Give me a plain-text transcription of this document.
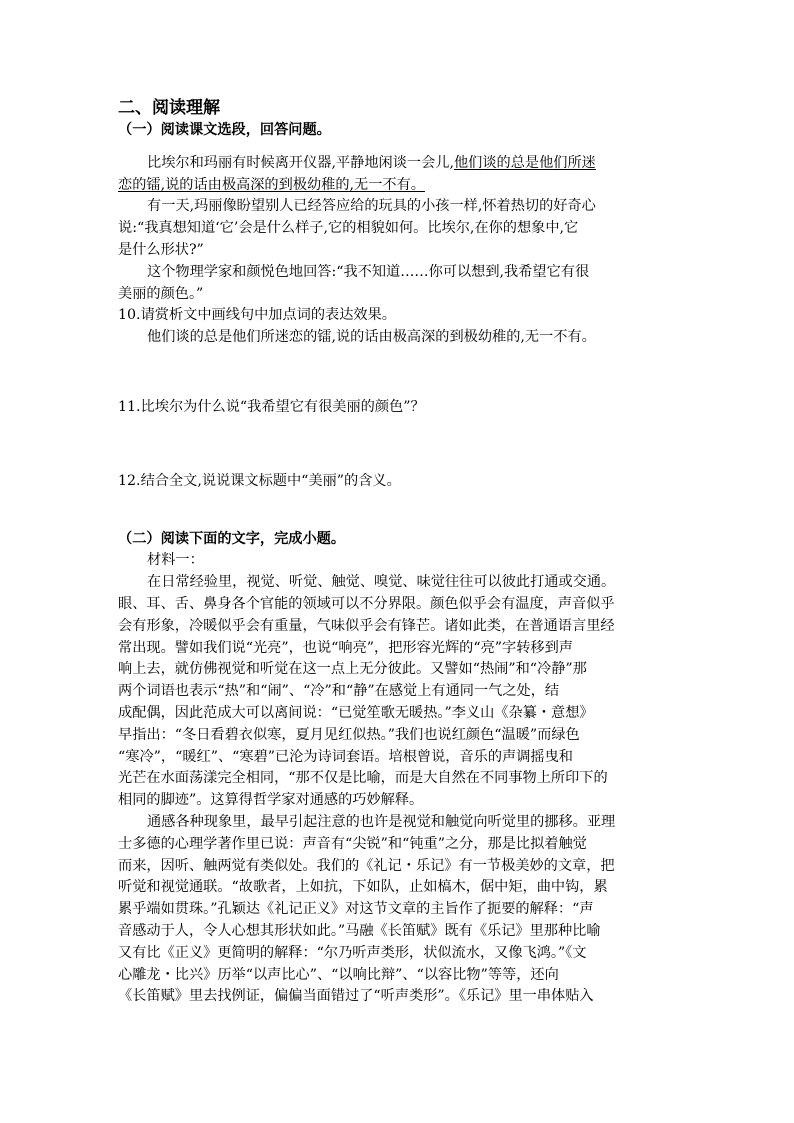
二、阅读理解
（一）阅读课文选段，回答问题。
比埃尔和玛丽有时候离开仪器,平静地闲谈一会儿,他们谈的总是他们所迷
恋的镭,说的话由极高深的到极幼稚的,无一不有。
有一天,玛丽像盼望别人已经答应给的玩具的小孩一样,怀着热切的好奇心
说:“我真想知道‘它’会是什么样子,它的相貌如何。比埃尔,在你的想象中,它
是什么形状?”
这个物理学家和颜悦色地回答:“我不知道……你可以想到,我希望它有很
美丽的颜色。”
10.请赏析文中画线句中加点词的表达效果。
他们谈的总是他们所迷恋的镭,说的话由极高深的到极幼稚的,无一不有。
11.比埃尔为什么说“我希望它有很美丽的颜色”？
12.结合全文,说说课文标题中“美丽”的含义。
（二）阅读下面的文字，完成小题。
材料一：
在日常经验里，视觉、听觉、触觉、嗅觉、味觉往往可以彼此打通或交通。
眼、耳、舌、鼻身各个官能的领域可以不分界限。颜色似乎会有温度，声音似乎
会有形象，冷暖似乎会有重量，气味似乎会有锋芒。诸如此类，在普通语言里经
常出现。譬如我们说“光亮”，也说“响亮”，把形容光辉的“亮”字转移到声
响上去，就仿佛视觉和听觉在这一点上无分彼此。又譬如“热闹”和“冷静”那
两个词语也表示“热”和“闹”、“冷”和“静”在感觉上有通同一气之处，结
成配偶，因此范成大可以离间说：“已觉笙歌无暖热。”李义山《杂纂・意想》
早指出：“冬日看碧衣似寒，夏月见红似热。”我们也说红颜色“温暖”而绿色
“寒冷”，“暖红”、“寒碧”已沦为诗词套语。培根曾说，音乐的声调摇曳和
光芒在水面荡漾完全相同，“那不仅是比喻，而是大自然在不同事物上所印下的
相同的脚迹”。这算得哲学家对通感的巧妙解释。
通感各种现象里，最早引起注意的也许是视觉和触觉向听觉里的挪移。亚理
士多德的心理学著作里已说：声音有“尖锐”和“钝重”之分，那是比拟着触觉
而来，因听、触两觉有类似处。我们的《礼记・乐记》有一节极美妙的文章，把
听觉和视觉通联。“故歌者，上如抗，下如队，止如槁木，倨中矩，曲中钩，累
累乎端如贯珠。”孔颖达《礼记正义》对这节文章的主旨作了扼要的解释：“声
音感动于人，令人心想其形状如此。”马融《长笛赋》既有《乐记》里那种比喻
又有比《正义》更简明的解释：“尔乃听声类形，状似流水，又像飞鸿。”《文
心雕龙・比兴》历举“以声比心”、“以响比辩”、“以容比物”等等，还向
《长笛赋》里去找例证，偏偏当面错过了“听声类形”。《乐记》里一串体贴入
